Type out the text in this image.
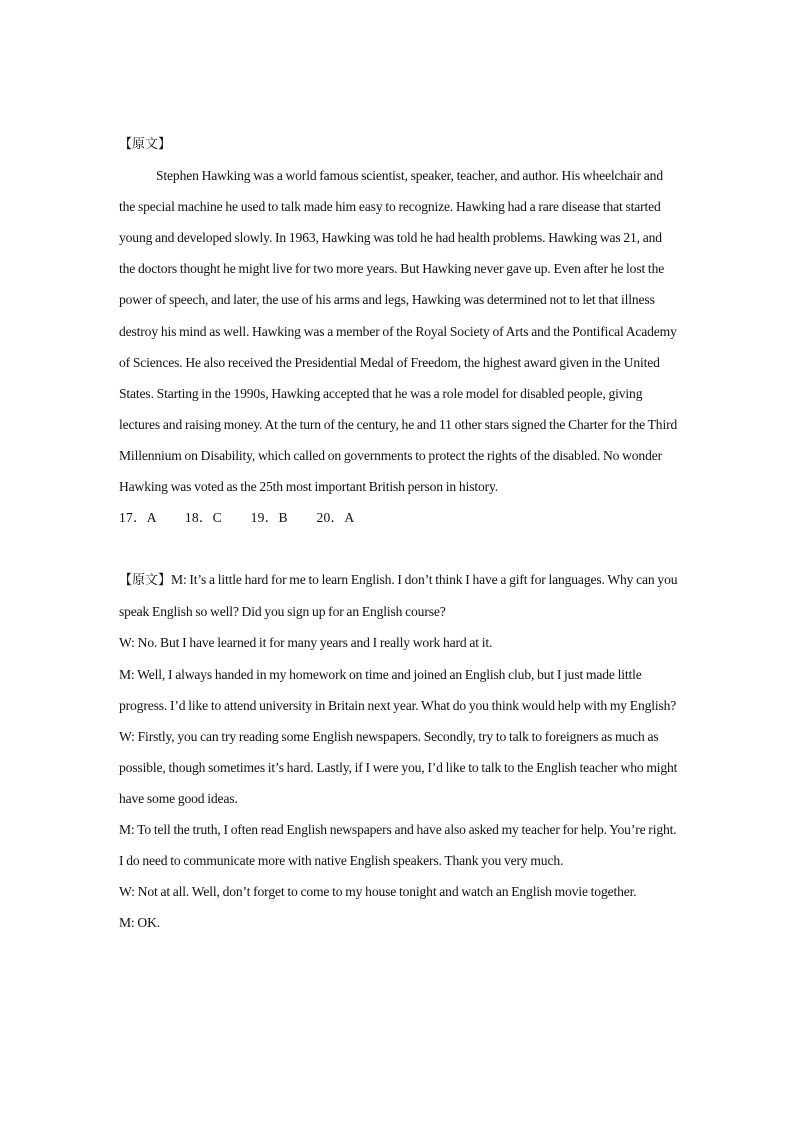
【原文】

Stephen Hawking was a world famous scientist, speaker, teacher, and author. His wheelchair and the special machine he used to talk made him easy to recognize. Hawking had a rare disease that started young and developed slowly. In 1963, Hawking was told he had health problems. Hawking was 21, and the doctors thought he might live for two more years. But Hawking never gave up. Even after he lost the power of speech, and later, the use of his arms and legs, Hawking was determined not to let that illness destroy his mind as well. Hawking was a member of the Royal Society of Arts and the Pontifical Academy of Sciences. He also received the Presidential Medal of Freedom, the highest award given in the United States. Starting in the 1990s, Hawking accepted that he was a role model for disabled people, giving lectures and raising money. At the turn of the century, he and 11 other stars signed the Charter for the Third Millennium on Disability, which called on governments to protect the rights of the disabled. No wonder Hawking was voted as the 25th most important British person in history.

17．A        18．C        19．B        20．A

【原文】M: It’s a little hard for me to learn English. I don’t think I have a gift for languages. Why can you speak English so well? Did you sign up for an English course?

W: No. But I have learned it for many years and I really work hard at it.

M: Well, I always handed in my homework on time and joined an English club, but I just made little progress. I’d like to attend university in Britain next year. What do you think would help with my English?

W: Firstly, you can try reading some English newspapers. Secondly, try to talk to foreigners as much as possible, though sometimes it’s hard. Lastly, if I were you, I’d like to talk to the English teacher who might have some good ideas.

M: To tell the truth, I often read English newspapers and have also asked my teacher for help. You’re right. I do need to communicate more with native English speakers. Thank you very much.

W: Not at all. Well, don’t forget to come to my house tonight and watch an English movie together.

M: OK.
